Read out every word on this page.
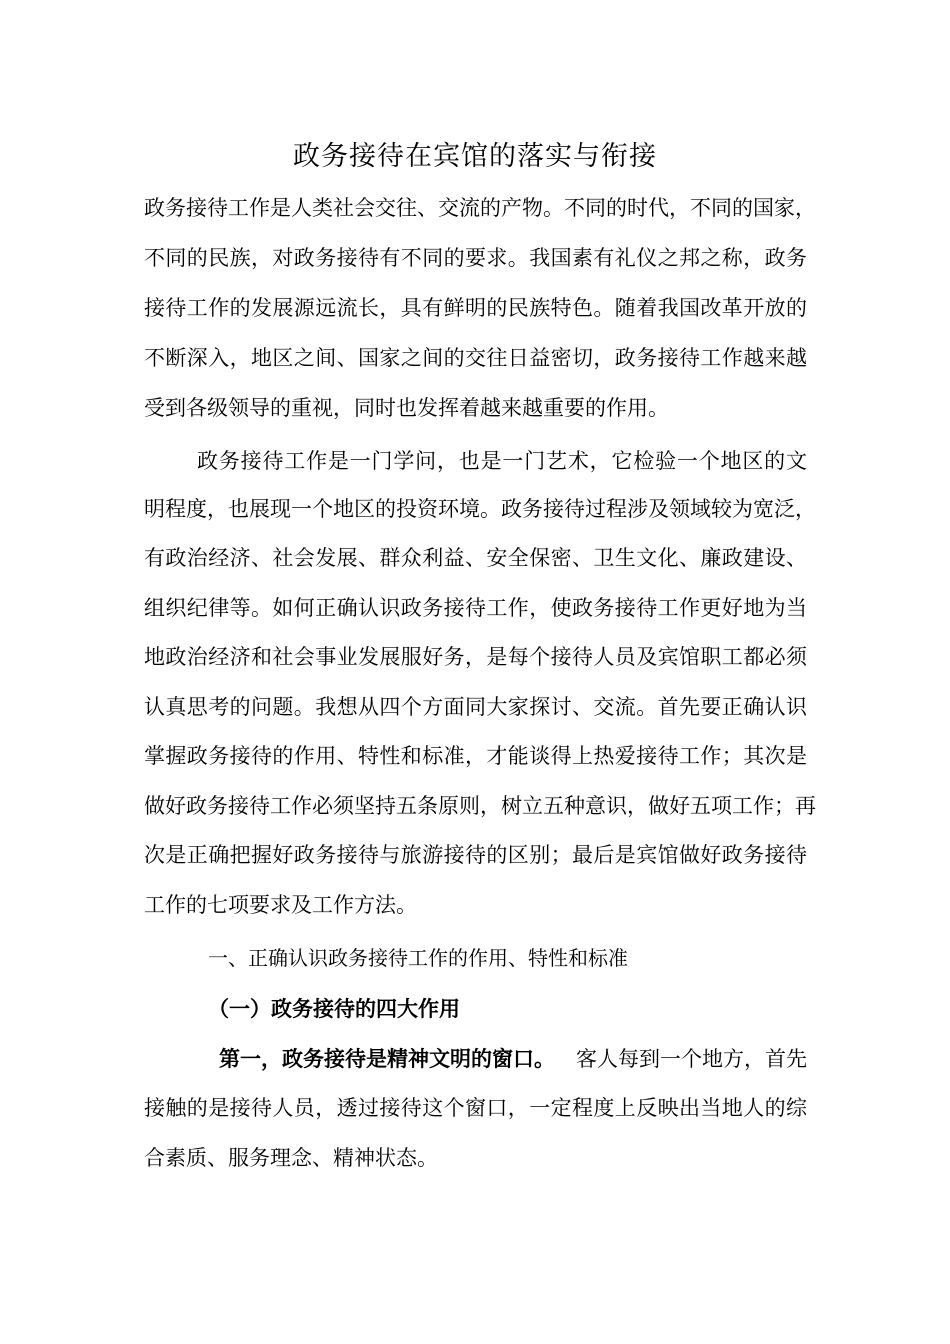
政务接待在宾馆的落实与衔接
政务接待工作是人类社会交往、交流的产物。不同的时代，不同的国家，
不同的民族，对政务接待有不同的要求。我国素有礼仪之邦之称，政务
接待工作的发展源远流长，具有鲜明的民族特色。随着我国改革开放的
不断深入，地区之间、国家之间的交往日益密切，政务接待工作越来越
受到各级领导的重视，同时也发挥着越来越重要的作用。
政务接待工作是一门学问，也是一门艺术，它检验一个地区的文
明程度，也展现一个地区的投资环境。政务接待过程涉及领域较为宽泛，
有政治经济、社会发展、群众利益、安全保密、卫生文化、廉政建设、
组织纪律等。如何正确认识政务接待工作，使政务接待工作更好地为当
地政治经济和社会事业发展服好务，是每个接待人员及宾馆职工都必须
认真思考的问题。我想从四个方面同大家探讨、交流。首先要正确认识
掌握政务接待的作用、特性和标准，才能谈得上热爱接待工作；其次是
做好政务接待工作必须坚持五条原则，树立五种意识，做好五项工作；再
次是正确把握好政务接待与旅游接待的区别；最后是宾馆做好政务接待
工作的七项要求及工作方法。
一、正确认识政务接待工作的作用、特性和标准
（一）政务接待的四大作用
第一，政务接待是精神文明的窗口。 客人每到一个地方，首先
接触的是接待人员，透过接待这个窗口，一定程度上反映出当地人的综
合素质、服务理念、精神状态。
